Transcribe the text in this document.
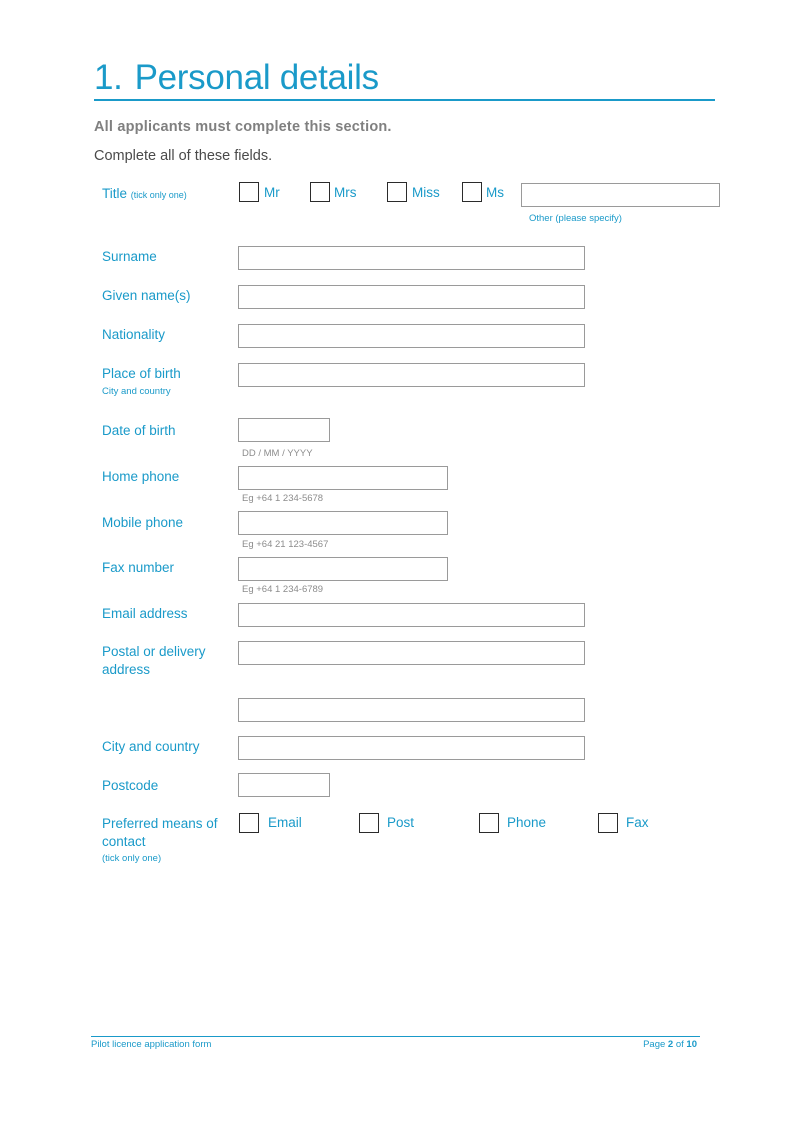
1. Personal details
All applicants must complete this section.
Complete all of these fields.
Title (tick only one)	Mr	Mrs	Miss	Ms
Other (please specify)
Surname
Given name(s)
Nationality
Place of birth
City and country
Date of birth
DD / MM / YYYY
Home phone
Eg +64 1 234-5678
Mobile phone
Eg +64 21 123-4567
Fax number
Eg +64 1 234-6789
Email address
Postal or delivery
address
City and country
Postcode
Preferred means of
contact
(tick only one)
Email	Post	Phone	Fax
Pilot licence application form	Page 2 of 10
